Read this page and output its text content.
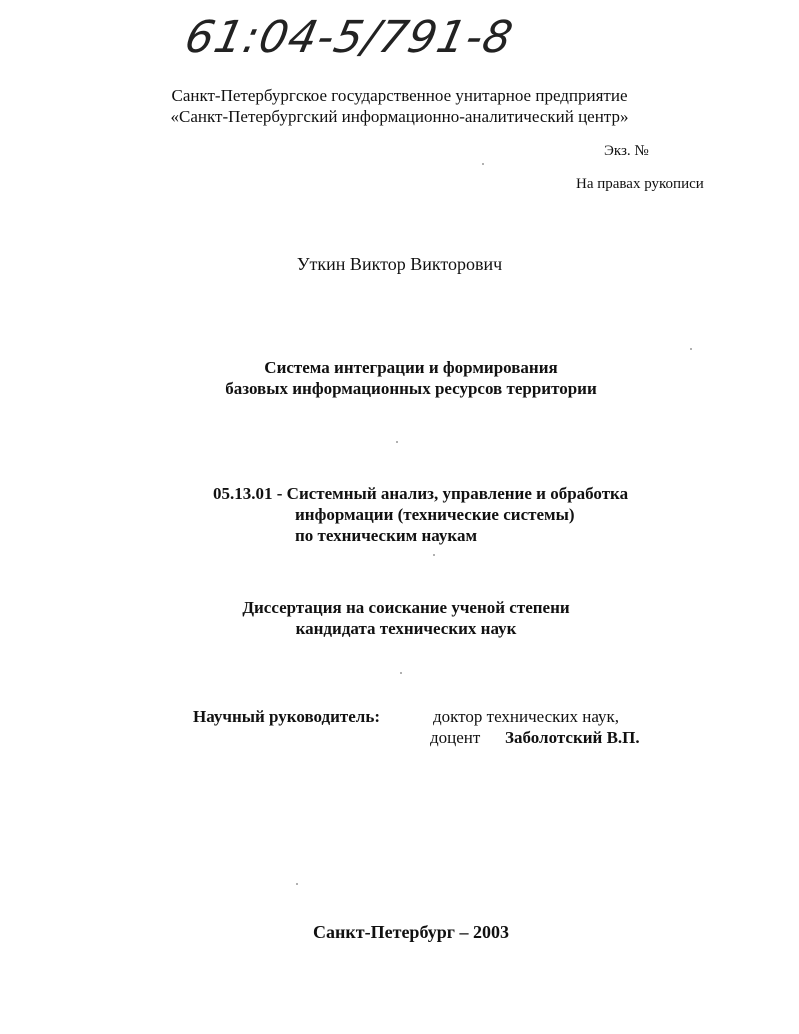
61:04-5/791-8
Санкт-Петербургское государственное унитарное предприятие
«Санкт-Петербургский информационно-аналитический центр»
Экз. №
На правах рукописи
Уткин Виктор Викторович
Система интеграции и формирования
базовых информационных ресурсов территории
05.13.01 - Системный анализ, управление и обработка
информации (технические системы)
по техническим наукам
Диссертация на соискание ученой степени
кандидата технических наук
Научный руководитель:	доктор технических наук,
доцент Заболотский В.П.
Санкт-Петербург – 2003
